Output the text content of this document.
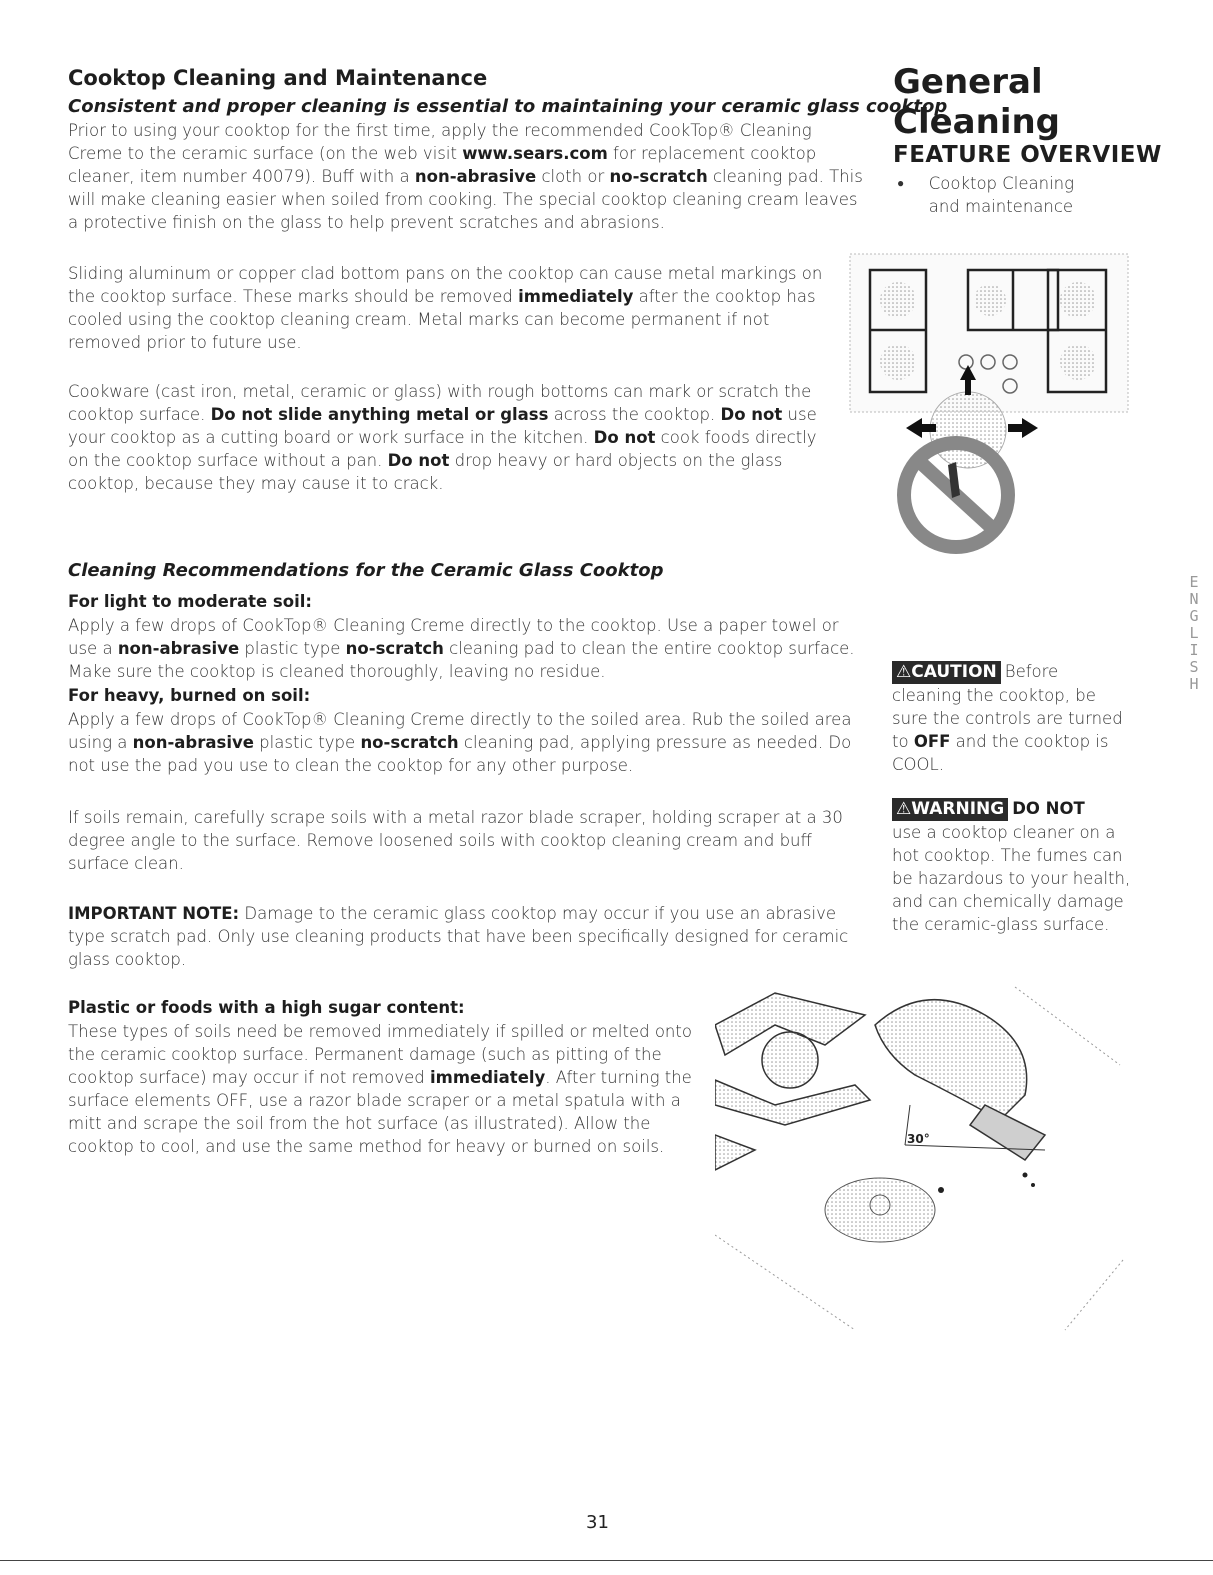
Cooktop Cleaning and Maintenance
Consistent and proper cleaning is essential to maintaining your ceramic glass cooktop
Prior to using your cooktop for the first time, apply the recommended CookTop® Cleaning Creme to the ceramic surface (on the web visit www.sears.com for replacement cooktop cleaner, item number 40079). Buff with a non-abrasive cloth or no-scratch cleaning pad. This will make cleaning easier when soiled from cooking. The special cooktop cleaning cream leaves a protective finish on the glass to help prevent scratches and abrasions.
Sliding aluminum or copper clad bottom pans on the cooktop can cause metal markings on the cooktop surface. These marks should be removed immediately after the cooktop has cooled using the cooktop cleaning cream. Metal marks can become permanent if not removed prior to future use.
Cookware (cast iron, metal, ceramic or glass) with rough bottoms can mark or scratch the cooktop surface. Do not slide anything metal or glass across the cooktop. Do not use your cooktop as a cutting board or work surface in the kitchen. Do not cook foods directly on the cooktop surface without a pan. Do not drop heavy or hard objects on the glass cooktop, because they may cause it to crack.
Cleaning Recommendations for the Ceramic Glass Cooktop
For light to moderate soil:
Apply a few drops of CookTop® Cleaning Creme directly to the cooktop. Use a paper towel or use a non-abrasive plastic type no-scratch cleaning pad to clean the entire cooktop surface. Make sure the cooktop is cleaned thoroughly, leaving no residue.
For heavy, burned on soil:
Apply a few drops of CookTop® Cleaning Creme directly to the soiled area. Rub the soiled area using a non-abrasive plastic type no-scratch cleaning pad, applying pressure as needed. Do not use the pad you use to clean the cooktop for any other purpose.
If soils remain, carefully scrape soils with a metal razor blade scraper, holding scraper at a 30 degree angle to the surface. Remove loosened soils with cooktop cleaning cream and buff surface clean.
IMPORTANT NOTE: Damage to the ceramic glass cooktop may occur if you use an abrasive type scratch pad. Only use cleaning products that have been specifically designed for ceramic glass cooktop.
Plastic or foods with a high sugar content:
These types of soils need be removed immediately if spilled or melted onto the ceramic cooktop surface. Permanent damage (such as pitting of the cooktop surface) may occur if not removed immediately. After turning the surface elements OFF, use a razor blade scraper or a metal spatula with a mitt and scrape the soil from the hot surface (as illustrated). Allow the cooktop to cool, and use the same method for heavy or burned on soils.
General
Cleaning
FEATURE OVERVIEW
●	Cooktop Cleaning and maintenance
⚠CAUTION Before cleaning the cooktop, be sure the controls are turned to OFF and the cooktop is COOL.
⚠WARNING DO NOT
use a cooktop cleaner on a hot cooktop. The fumes can be hazardous to your health, and can chemically damage the ceramic-glass surface.
ENGLISH
30°
31
